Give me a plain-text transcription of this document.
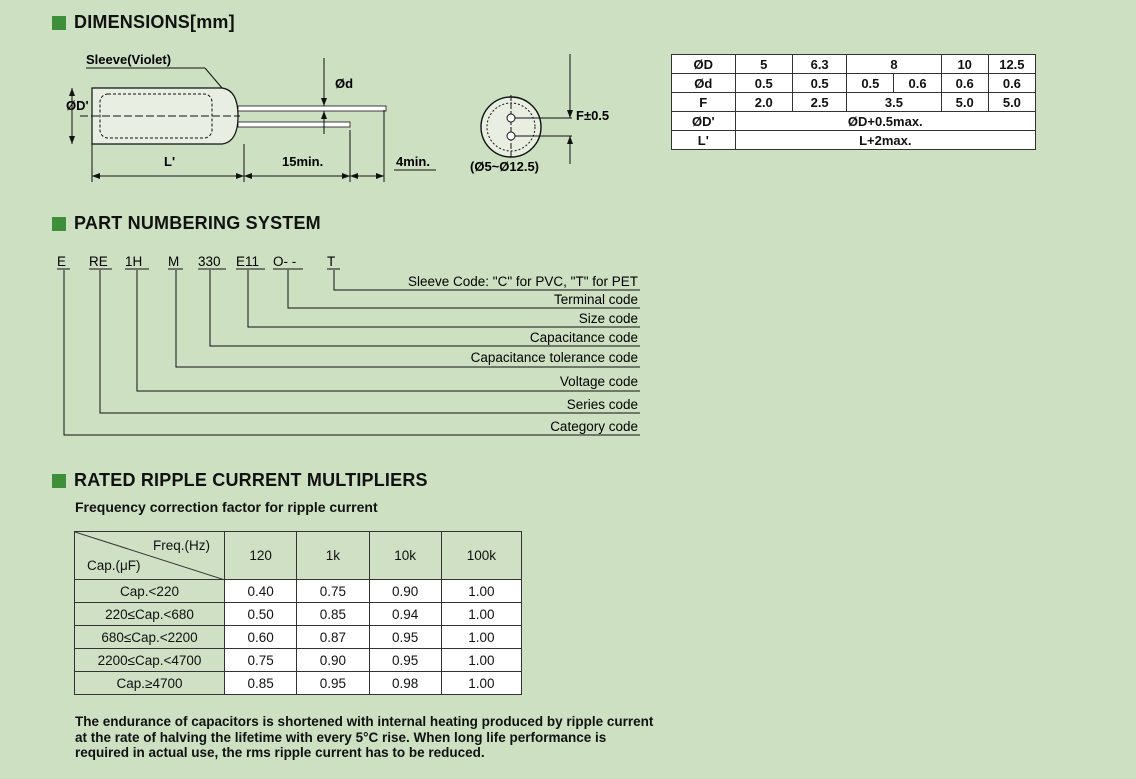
DIMENSIONS[mm]
Sleeve(Violet)
ØD'
Ød
L'	15min.	4min.
F±0.5
(Ø5~Ø12.5)
ØD	5	6.3	8		10	12.5
Ød	0.5	0.5	0.5	0.6	0.6	0.6
F	2.0	2.5	3.5		5.0	5.0
ØD'	ØD+0.5max.					
L'	L+2max.					
PART NUMBERING SYSTEM
E RE 1H M 330 E11 O- - T
Sleeve Code: "C" for PVC, "T" for PET
Terminal code
Size code
Capacitance code
Capacitance tolerance code
Voltage code
Series code
Category code
RATED RIPPLE CURRENT MULTIPLIERS
Frequency correction factor for ripple current
Freq.(Hz)
Cap.(μF)	120	1k	10k	100k
Cap.<220	0.40	0.75	0.90	1.00
220≤Cap.<680	0.50	0.85	0.94	1.00
680≤Cap.<2200	0.60	0.87	0.95	1.00
2200≤Cap.<4700	0.75	0.90	0.95	1.00
Cap.≥4700	0.85	0.95	0.98	1.00
The endurance of capacitors is shortened with internal heating produced by ripple current at the rate of halving the lifetime with every 5°C rise. When long life performance is required in actual use, the rms ripple current has to be reduced.
